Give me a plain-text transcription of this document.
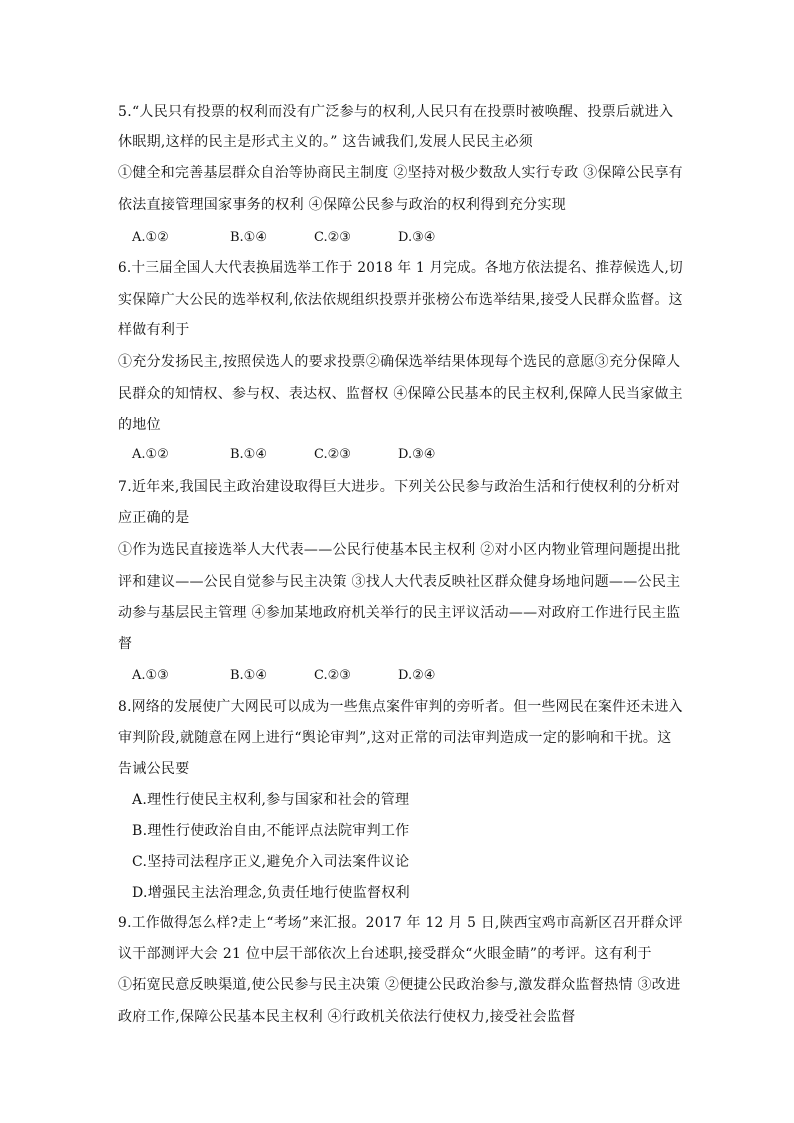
5.“人民只有投票的权利而没有广泛参与的权利,人民只有在投票时被唤醒、投票后就进入
休眠期,这样的民主是形式主义的。” 这告诫我们,发展人民民主必须
①健全和完善基层群众自治等协商民主制度 ②坚持对极少数敌人实行专政 ③保障公民享有
依法直接管理国家事务的权利 ④保障公民参与政治的权利得到充分实现
A.①②	B.①④	C.②③	D.③④
6.十三届全国人大代表换届选举工作于 2018 年 1 月完成。各地方依法提名、推荐候选人,切
实保障广大公民的选举权利,依法依规组织投票并张榜公布选举结果,接受人民群众监督。这
样做有利于
①充分发扬民主,按照侯选人的要求投票②确保选举结果体现每个选民的意愿③充分保障人
民群众的知情权、参与权、表达权、监督权 ④保障公民基本的民主权利,保障人民当家做主
的地位
A.①②	B.①④	C.②③	D.③④
7.近年来,我国民主政治建设取得巨大进步。下列关公民参与政治生活和行使权利的分析对
应正确的是
①作为选民直接选举人大代表——公民行使基本民主权利 ②对小区内物业管理问题提出批
评和建议——公民自觉参与民主决策 ③找人大代表反映社区群众健身场地问题——公民主
动参与基层民主管理 ④参加某地政府机关举行的民主评议活动——对政府工作进行民主监
督
A.①③	B.①④	C.②③	D.②④
8.网络的发展使广大网民可以成为一些焦点案件审判的旁听者。但一些网民在案件还未进入
审判阶段,就随意在网上进行“舆论审判”,这对正常的司法审判造成一定的影响和干扰。这
告诫公民要
A.理性行使民主权利,参与国家和社会的管理
B.理性行使政治自由,不能评点法院审判工作
C.坚持司法程序正义,避免介入司法案件议论
D.增强民主法治理念,负责任地行使监督权利
9.工作做得怎么样?走上“考场”来汇报。2017 年 12 月 5 日,陕西宝鸡市高新区召开群众评
议干部测评大会 21 位中层干部依次上台述职,接受群众“火眼金睛”的考评。这有利于
①拓宽民意反映渠道,使公民参与民主决策 ②便捷公民政治参与,激发群众监督热情 ③改进
政府工作,保障公民基本民主权利 ④行政机关依法行使权力,接受社会监督
